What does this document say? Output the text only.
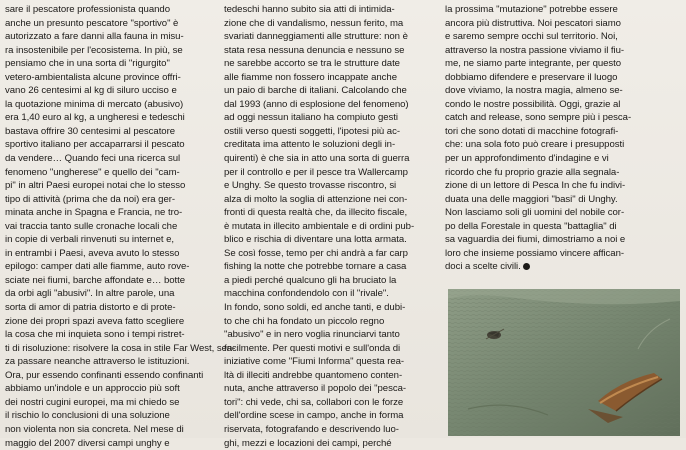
sare il pescatore professionista quando
anche un presunto pescatore "sportivo" è
autorizzato a fare danni alla fauna in misu-
ra insostenibile per l'ecosistema. In più, se
pensiamo che in una sorta di "rigurgito"
vetero-ambientalista alcune province offri-
vano 26 centesimi al kg di siluro ucciso e
la quotazione minima di mercato (abusivo)
era 1,40 euro al kg, a ungheresi e tedeschi
bastava offrire 30 centesimi al pescatore
sportivo italiano per accaparrarsi il pescato
da vendere… Quando feci una ricerca sul
fenomeno "ungherese" e quello dei "cam-
pi" in altri Paesi europei notai che lo stesso
tipo di attività (prima che da noi) era ger-
minata anche in Spagna e Francia, ne tro-
vai traccia tanto sulle cronache locali che
in copie di verbali rinvenuti su internet e,
in entrambi i Paesi, aveva avuto lo stesso
epilogo: camper dati alle fiamme, auto rove-
sciate nei fiumi, barche affondate e… botte
da orbi agli "abusivi". In altre parole, una
sorta di amor di patria distorto e di prote-
zione dei propri spazi aveva fatto scegliere
la cosa che mi inquieta sono i tempi ristret-
ti di risoluzione: risolvere la cosa in stile Far West, sen-
za passare neanche attraverso le istituzioni.
Ora, pur essendo confinanti essendo confinanti
abbiamo un'indole e un approccio più soft
dei nostri cugini europei, ma mi chiedo se
il rischio lo conclusioni di una soluzione
non violenta non sia concreta. Nel mese di
maggio del 2007 diversi campi unghy e
tedeschi hanno subito sia atti di intimida-
zione che di vandalismo, nessun ferito, ma
svariati danneggiamenti alle strutture: non è
stata resa nessuna denuncia e nessuno se
ne sarebbe accorto se tra le strutture date
alle fiamme non fossero incappate anche
un paio di barche di italiani. Calcolando che
dal 1993 (anno di esplosione del fenomeno)
ad oggi nessun italiano ha compiuto gesti
ostili verso questi soggetti, l'ipotesi più ac-
creditata ima attento le soluzioni degli in-
quirenti) è che sia in atto una sorta di guerra
per il controllo e per il pesce tra Wallercamp
e Unghy. Se questo trovasse riscontro, si
alza di molto la soglia di attenzione nei con-
fronti di questa realtà che, da illecito fiscale,
è mutata in illecito ambientale e di ordini pub-
blico e rischia di diventare una lotta armata.
Se così fosse, temo per chi andrà a far carp
fishing la notte che potrebbe tornare a casa
a piedi perché qualcuno gli ha bruciato la
macchina confondendolo con il "rivale".
In fondo, sono soldi, ed anche tanti, e dubi-
to che chi ha fondato un piccolo regno
"abusivo" e in nero voglia rinunciarvi tanto
facilmente. Per questi motivi e sull'onda di
iniziative come "Fiumi Informa" questa rea-
ltà di illeciti andrebbe quantomeno conten-
nuta, anche attraverso il popolo dei "pesca-
tori": chi vede, chi sa, collabori con le forze
dell'ordine scese in campo, anche in forma
riservata, fotografando e descrivendo luo-
ghi, mezzi e locazioni dei campi, perché
la prossima "mutazione" potrebbe essere
ancora più distruttiva. Noi pescatori siamo
e saremo sempre occhi sul territorio. Noi,
attraverso la nostra passione viviamo il fiu-
me, ne siamo parte integrante, per questo
dobbiamo difendere e preservare il luogo
dove viviamo, la nostra magia, almeno se-
condo le nostre possibilità. Oggi, grazie al
catch and release, sono sempre più i pesca-
tori che sono dotati di macchine fotografi-
che: una sola foto può creare i presupposti
per un approfondimento d'indagine e vi
ricordo che fu proprio grazie alla segnala-
zione di un lettore di Pesca In che fu indivi-
duata una delle maggiori "basi" di Unghy.
Non lasciamo soli gli uomini del nobile cor-
po della Forestale in questa "battaglia" di
sa vaguardia dei fiumi, dimostriamo a noi e
loro che insieme possiamo vincere affican-
doci a scelte civili.
